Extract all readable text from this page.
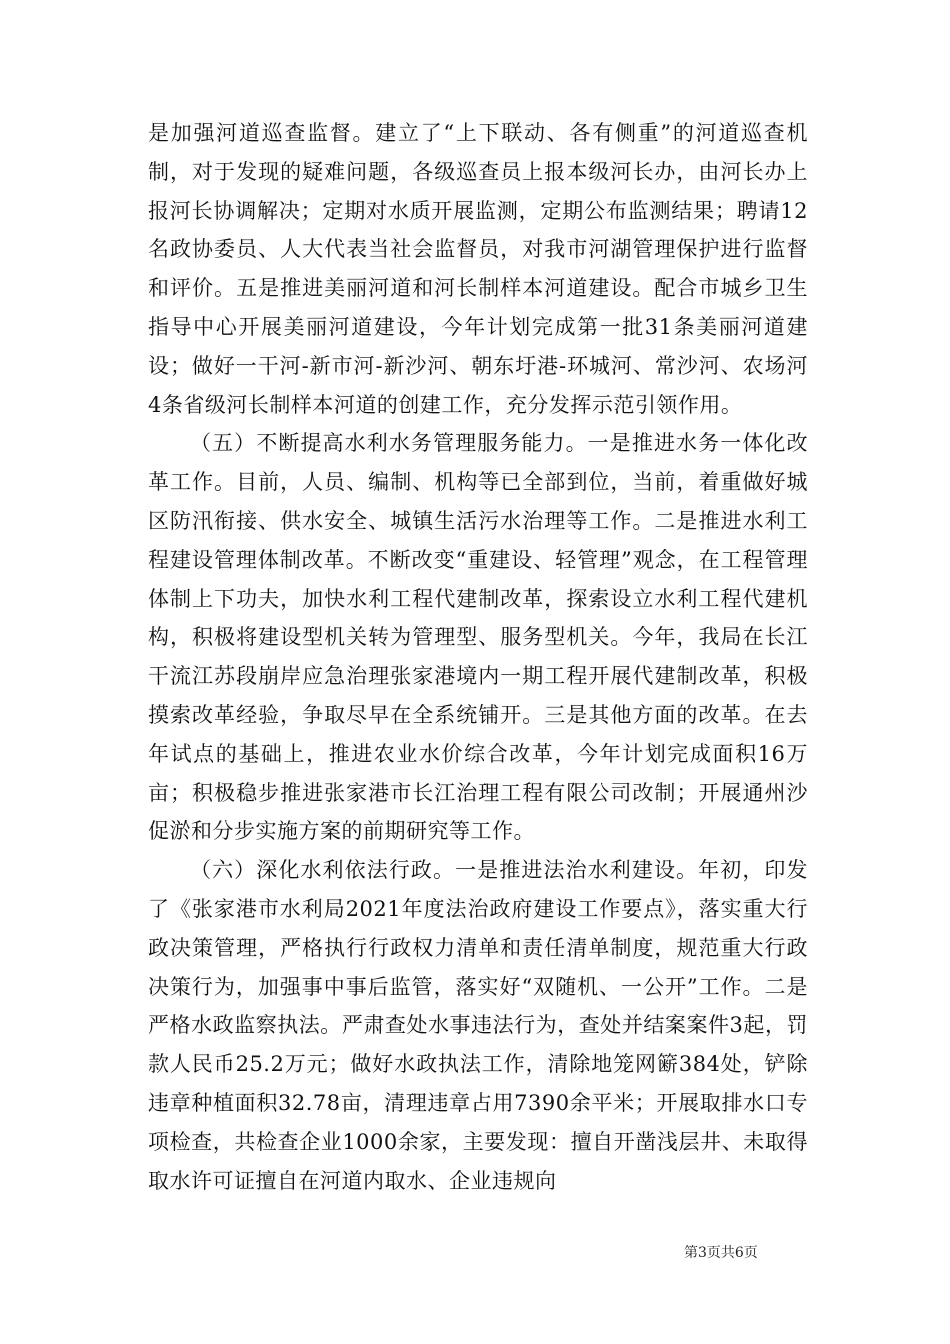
是加强河道巡查监督。建立了“上下联动、各有侧重”的河道巡查机制，对于发现的疑难问题，各级巡查员上报本级河长办，由河长办上报河长协调解决；定期对水质开展监测，定期公布监测结果；聘请12名政协委员、人大代表当社会监督员，对我市河湖管理保护进行监督和评价。五是推进美丽河道和河长制样本河道建设。配合市城乡卫生指导中心开展美丽河道建设，今年计划完成第一批31条美丽河道建设；做好一干河-新市河-新沙河、朝东圩港-环城河、常沙河、农场河4条省级河长制样本河道的创建工作，充分发挥示范引领作用。

（五）不断提高水利水务管理服务能力。一是推进水务一体化改革工作。目前，人员、编制、机构等已全部到位，当前，着重做好城区防汛衔接、供水安全、城镇生活污水治理等工作。二是推进水利工程建设管理体制改革。不断改变“重建设、轻管理”观念，在工程管理体制上下功夫，加快水利工程代建制改革，探索设立水利工程代建机构，积极将建设型机关转为管理型、服务型机关。今年，我局在长江干流江苏段崩岸应急治理张家港境内一期工程开展代建制改革，积极摸索改革经验，争取尽早在全系统铺开。三是其他方面的改革。在去年试点的基础上，推进农业水价综合改革，今年计划完成面积16万亩；积极稳步推进张家港市长江治理工程有限公司改制；开展通州沙促淤和分步实施方案的前期研究等工作。

（六）深化水利依法行政。一是推进法治水利建设。年初，印发了《张家港市水利局2021年度法治政府建设工作要点》，落实重大行政决策管理，严格执行行政权力清单和责任清单制度，规范重大行政决策行为，加强事中事后监管，落实好“双随机、一公开”工作。二是严格水政监察执法。严肃查处水事违法行为，查处并结案案件3起，罚款人民币25.2万元；做好水政执法工作，清除地笼网簖384处，铲除违章种植面积32.78亩，清理违章占用7390余平米；开展取排水口专项检查，共检查企业1000余家，主要发现：擅自开凿浅层井、未取得取水许可证擅自在河道内取水、企业违规向

第3页共6页
